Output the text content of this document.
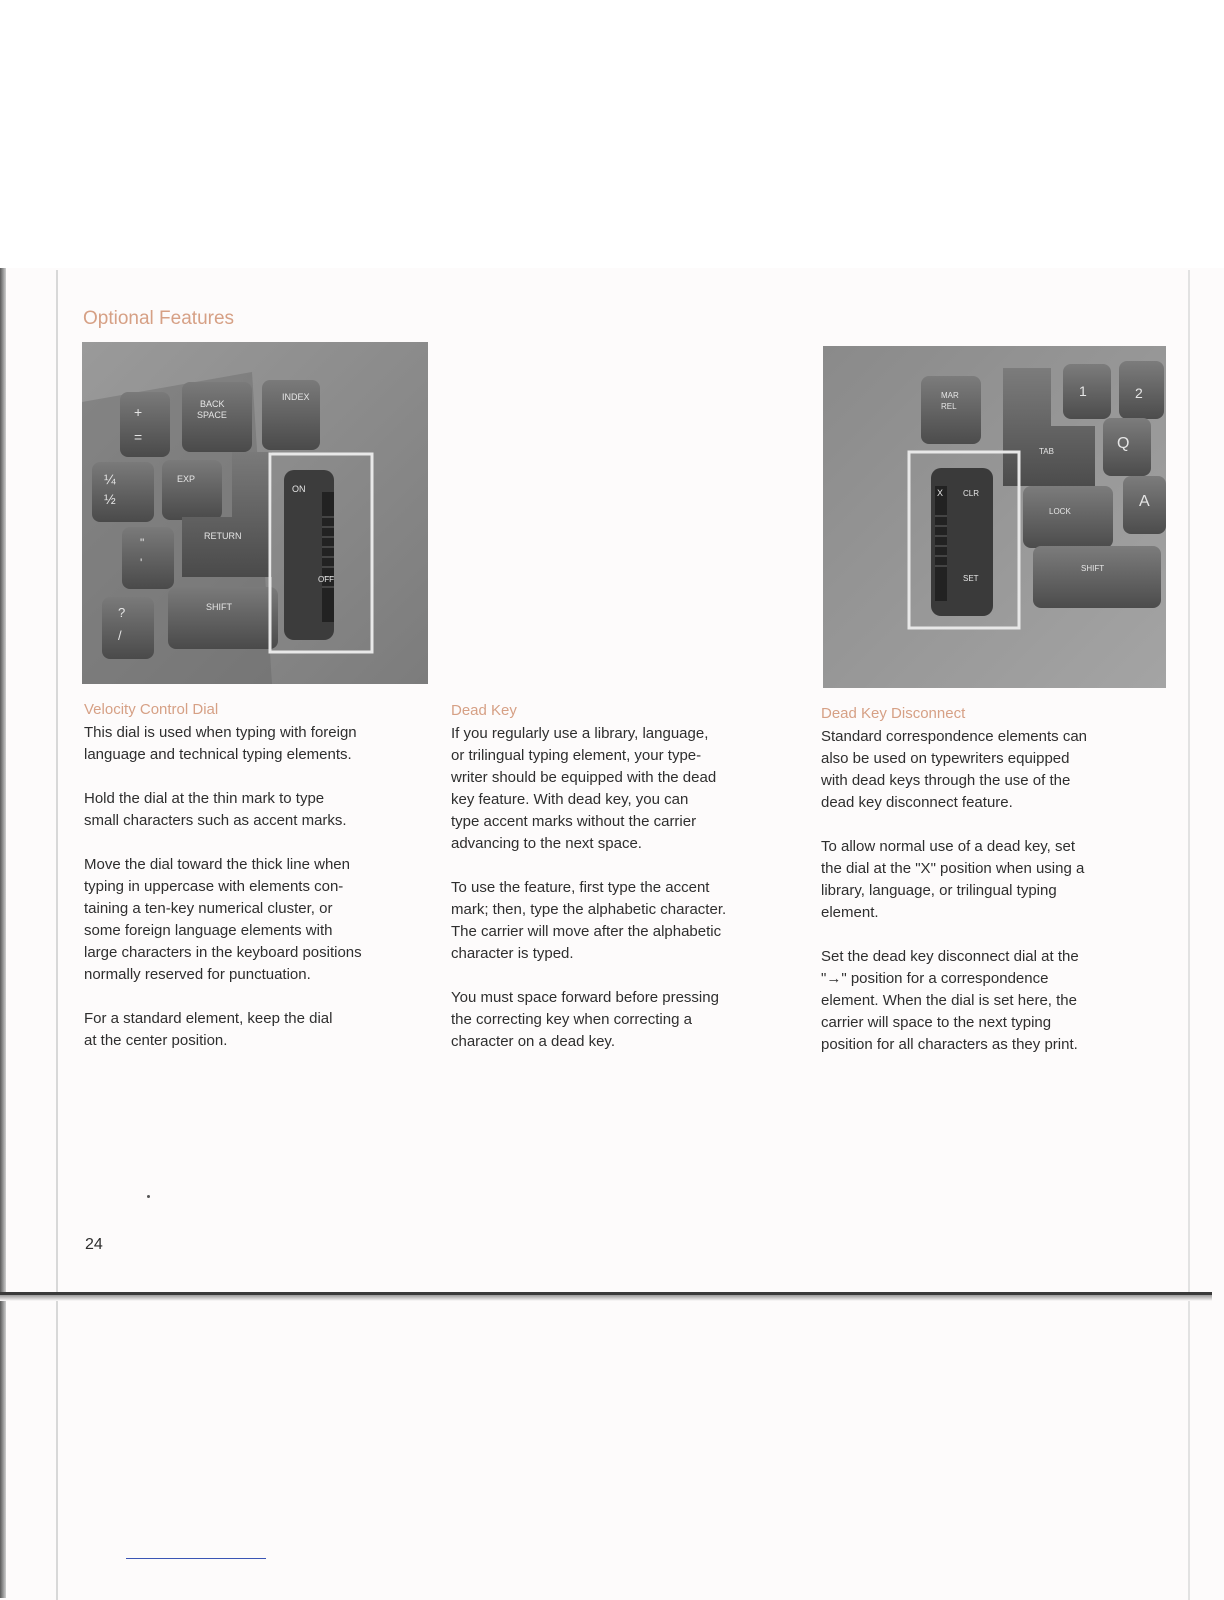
Optional Features
+
=
BACK
SPACE
INDEX
¼
½
EXP
RETURN
"
'
?
/
SHIFT
ON
OFF
MAR
REL
TAB
1	2
Q
LOCK
A
SHIFT
X CLR
SET
Velocity Control Dial

This dial is used when typing with foreign
language and technical typing elements.

Hold the dial at the thin mark to type
small characters such as accent marks.

Move the dial toward the thick line when
typing in uppercase with elements con-
taining a ten-key numerical cluster, or
some foreign language elements with
large characters in the keyboard positions
normally reserved for punctuation.

For a standard element, keep the dial
at the center position.

Dead Key

If you regularly use a library, language,
or trilingual typing element, your type-
writer should be equipped with the dead
key feature. With dead key, you can
type accent marks without the carrier
advancing to the next space.

To use the feature, first type the accent
mark; then, type the alphabetic character.
The carrier will move after the alphabetic
character is typed.

You must space forward before pressing
the correcting key when correcting a
character on a dead key.

Dead Key Disconnect

Standard correspondence elements can
also be used on typewriters equipped
with dead keys through the use of the
dead key disconnect feature.

To allow normal use of a dead key, set
the dial at the "X" position when using a
library, language, or trilingual typing
element.

Set the dead key disconnect dial at the
"→" position for a correspondence
element. When the dial is set here, the
carrier will space to the next typing
position for all characters as they print.

24
